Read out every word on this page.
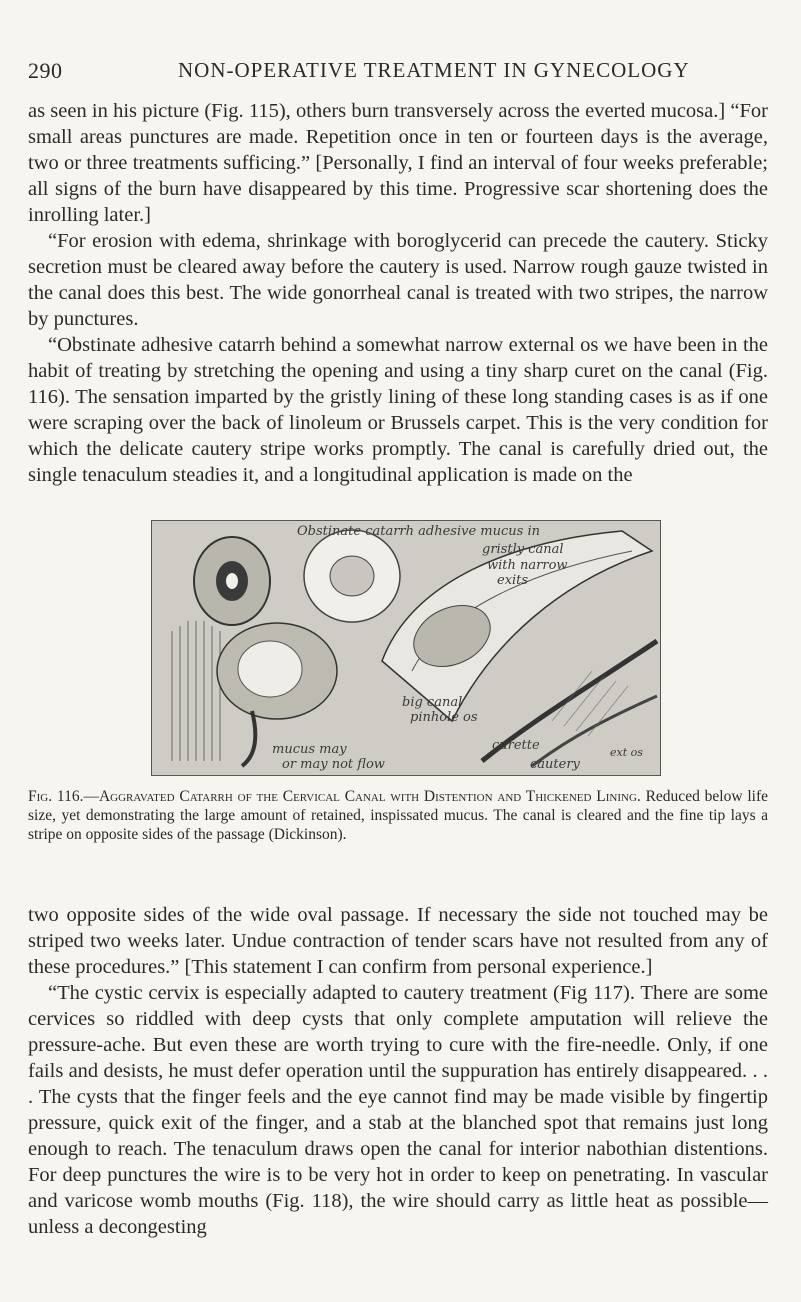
290	NON-OPERATIVE TREATMENT IN GYNECOLOGY

as seen in his picture (Fig. 115), others burn transversely across the everted mucosa.] “For small areas punctures are made. Repetition once in ten or fourteen days is the average, two or three treatments sufficing.” [Personally, I find an interval of four weeks preferable; all signs of the burn have disappeared by this time. Progressive scar shortening does the inrolling later.]

“For erosion with edema, shrinkage with boroglycerid can precede the cautery. Sticky secretion must be cleared away before the cautery is used. Narrow rough gauze twisted in the canal does this best. The wide gonorrheal canal is treated with two stripes, the narrow by punctures.

“Obstinate adhesive catarrh behind a somewhat narrow external os we have been in the habit of treating by stretching the opening and using a tiny sharp curet on the canal (Fig. 116). The sensation imparted by the gristly lining of these long standing cases is as if one were scraping over the back of linoleum or Brussels carpet. This is the very condition for which the delicate cautery stripe works promptly. The canal is carefully dried out, the single tenaculum steadies it, and a longitudinal application is made on the

Obstinate catarrh adhesive mucus in
gristly canal
with narrow
exits
big canal
pinhole os
mucus may
or may not flow
curette
cautery
ext os
Fig. 116.—Aggravated Catarrh of the Cervical Canal with Distention and Thickened Lining. Reduced below life size, yet demonstrating the large amount of retained, inspissated mucus. The canal is cleared and the fine tip lays a stripe on opposite sides of the passage (Dickinson).

two opposite sides of the wide oval passage. If necessary the side not touched may be striped two weeks later. Undue contraction of tender scars have not resulted from any of these procedures.” [This statement I can confirm from personal experience.]

“The cystic cervix is especially adapted to cautery treatment (Fig 117). There are some cervices so riddled with deep cysts that only complete amputation will relieve the pressure-ache. But even these are worth trying to cure with the fire-needle. Only, if one fails and desists, he must defer operation until the suppuration has entirely disappeared. . . . The cysts that the finger feels and the eye cannot find may be made visible by fingertip pressure, quick exit of the finger, and a stab at the blanched spot that remains just long enough to reach. The tenaculum draws open the canal for interior nabothian distentions. For deep punctures the wire is to be very hot in order to keep on penetrating. In vascular and varicose womb mouths (Fig. 118), the wire should carry as little heat as possible—unless a decongesting
